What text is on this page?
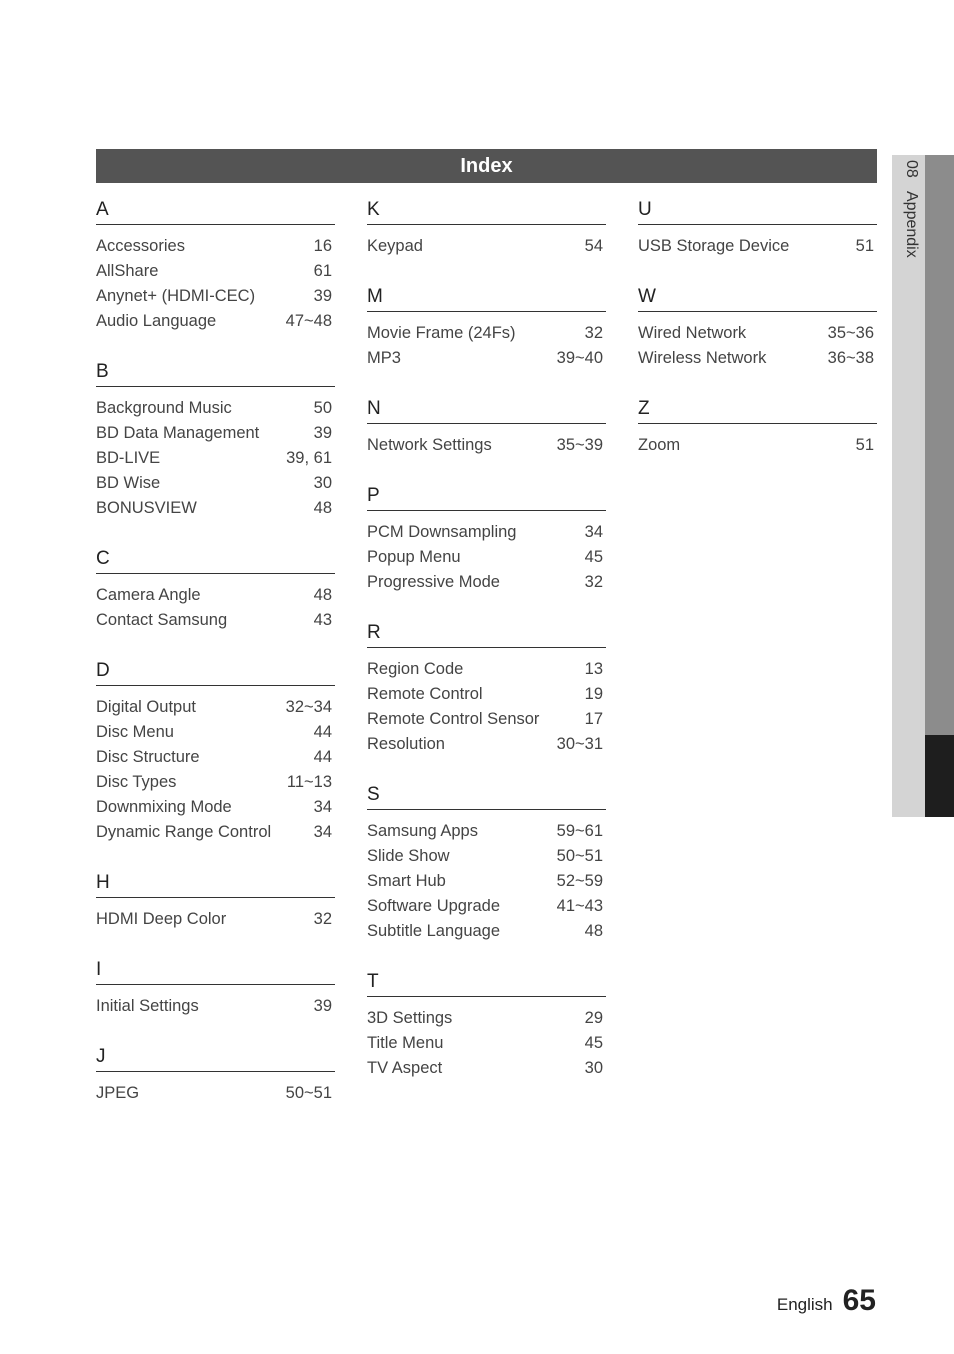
Index
A
Accessories	16
AllShare	61
Anynet+ (HDMI-CEC)	39
Audio Language	47~48
B
Background Music	50
BD Data Management	39
BD-LIVE	39, 61
BD Wise	30
BONUSVIEW	48
C
Camera Angle	48
Contact Samsung	43
D
Digital Output	32~34
Disc Menu	44
Disc Structure	44
Disc Types	11~13
Downmixing Mode	34
Dynamic Range Control	34
H
HDMI Deep Color	32
I
Initial Settings	39
J
JPEG	50~51
K
Keypad	54
M
Movie Frame (24Fs)	32
MP3	39~40
N
Network Settings	35~39
P
PCM Downsampling	34
Popup Menu	45
Progressive Mode	32
R
Region Code	13
Remote Control	19
Remote Control Sensor	17
Resolution	30~31
S
Samsung Apps	59~61
Slide Show	50~51
Smart Hub	52~59
Software Upgrade	41~43
Subtitle Language	48
T
3D Settings	29
Title Menu	45
TV Aspect	30
U
USB Storage Device	51
W
Wired Network	35~36
Wireless Network	36~38
Z
Zoom	51
08   Appendix
English 65
